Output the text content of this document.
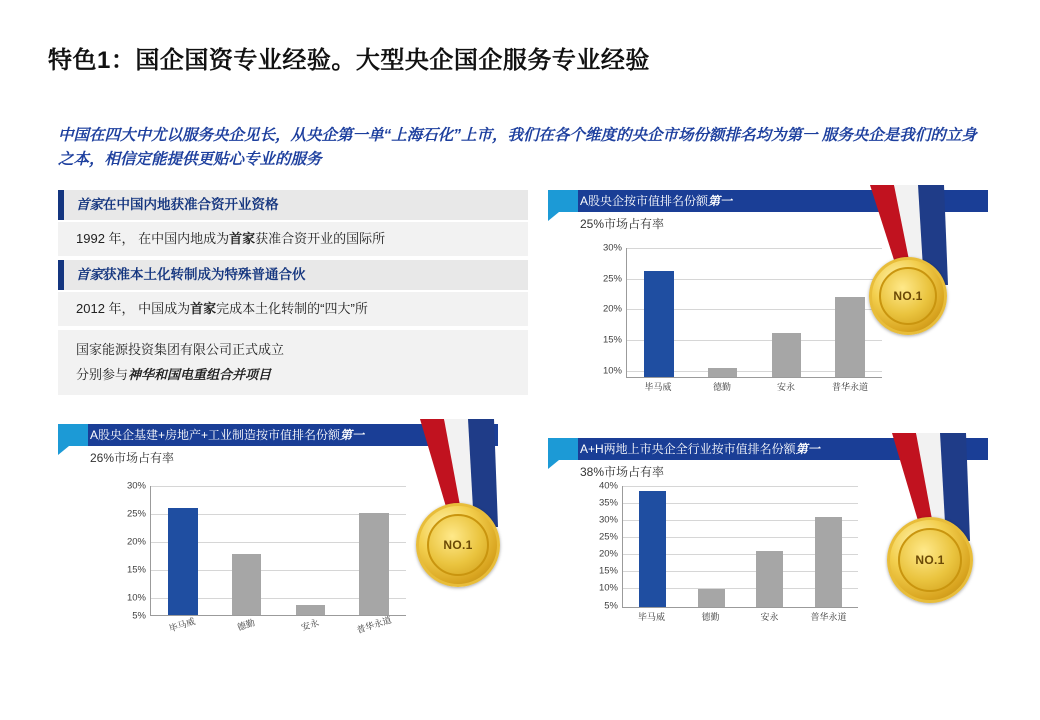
特色1：国企国资专业经验。大型央企国企服务专业经验
中国在四大中尤以服务央企见长，从央企第一单“上海石化”上市，我们在各个维度的央企市场份额排名均为第一 服务央企是我们的立身之本，相信定能提供更贴心专业的服务
首家在中国内地获准合资开业资格
1992 年， 在中国内地成为首家获准合资开业的国际所
首家获准本土化转制成为特殊普通合伙
2012 年， 中国成为首家完成本土化转制的“四大”所
国家能源投资集团有限公司正式成立
分别参与神华和国电重组合并项目
A股央企按市值排名份额第一
25%市场占有率
30%
25%
20%
15%
10%
毕马威	德勤	安永	普华永道
NO.1
A股央企基建+房地产+工业制造按市值排名份额第一
26%市场占有率
30%
25%
20%
15%
10%
5%	毕马威	德勤	安永	普华永道
NO.1
A+H两地上市央企全行业按市值排名份额第一
38%市场占有率
40%
35%
30%
25%
20%
15%
10%
5%
毕马威	德勤	安永	普华永道
NO.1
